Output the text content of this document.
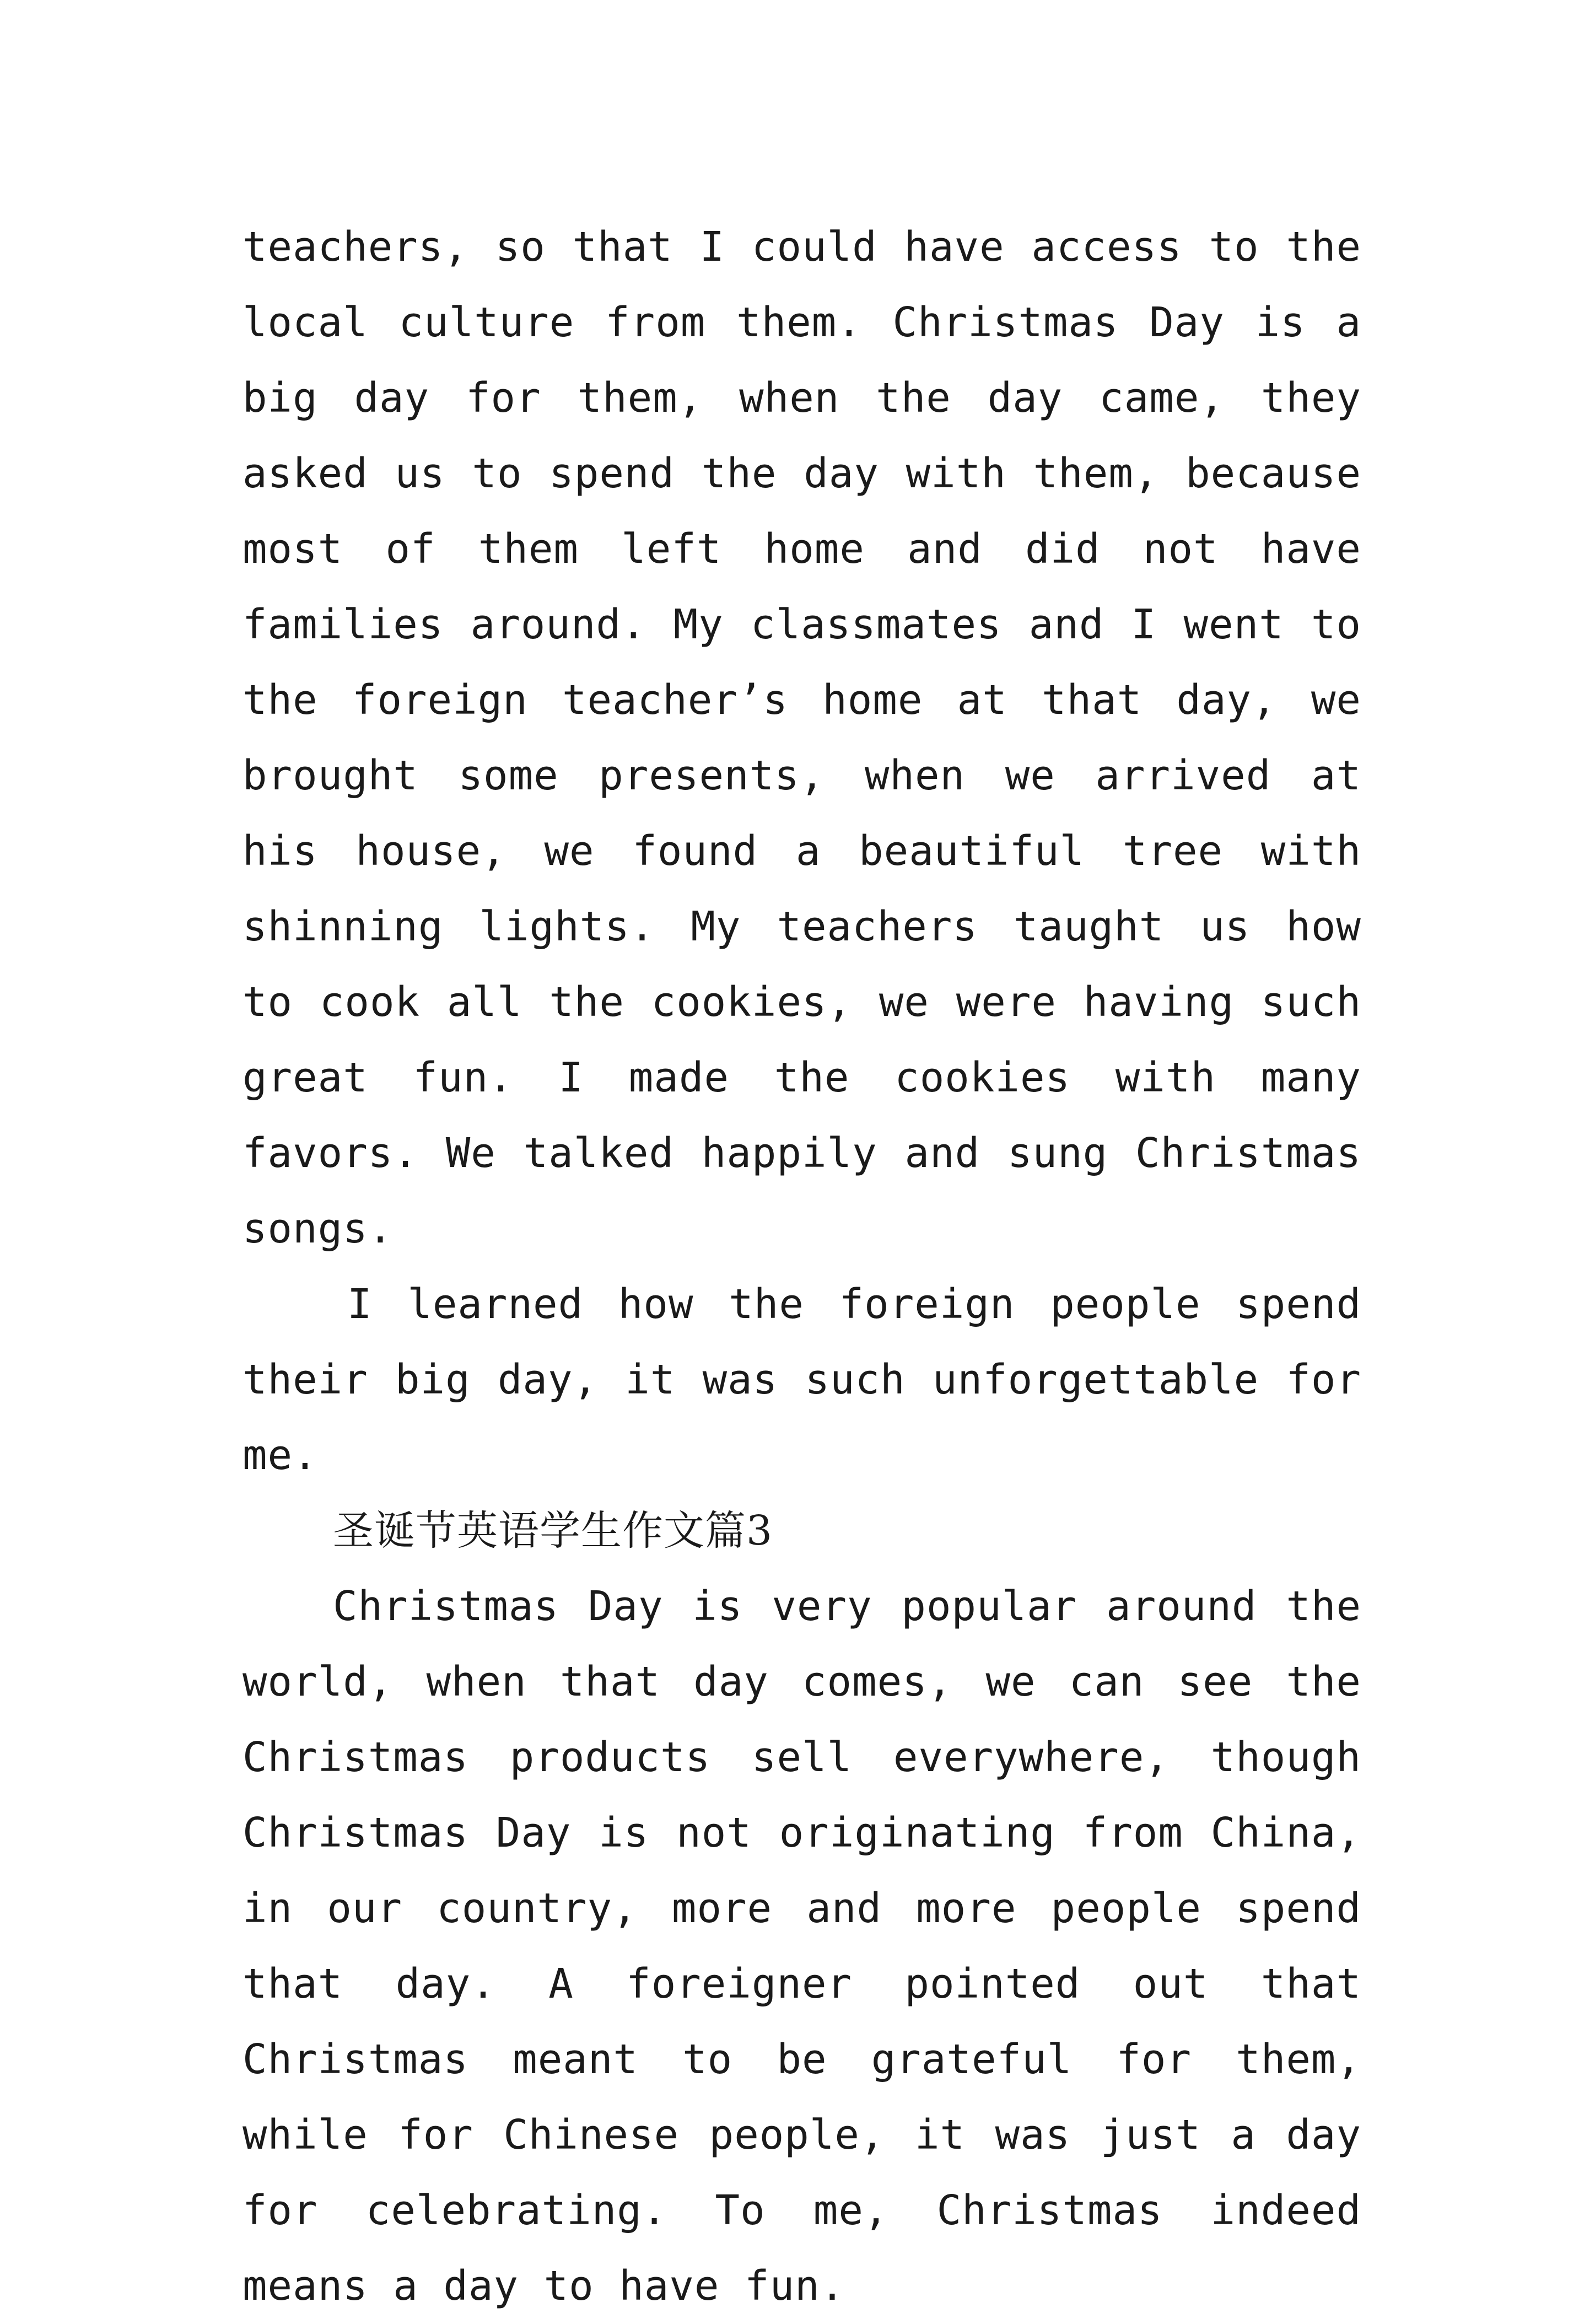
teachers, so that I could have access to the local culture from them. Christmas Day is a big day for them, when the day came, they asked us to spend the day with them, because most of them left home and did not have families around. My classmates and I went to the foreign teacher’s home at that day, we brought some presents, when we arrived at his house, we found a beautiful tree with shinning lights. My teachers taught us how to cook all the cookies, we were having such great fun. I made the cookies with many favors. We talked happily and sung Christmas songs.

I learned how the foreign people spend their big day, it was such unforgettable for me.

圣诞节英语学生作文篇3

Christmas Day is very popular around the world, when that day comes, we can see the Christmas products sell everywhere, though Christmas Day is not originating from China, in our country, more and more people spend that day. A foreigner pointed out that Christmas meant to be grateful for them, while for Chinese people, it was just a day for celebrating. To me, Christmas indeed means a day to have fun.
